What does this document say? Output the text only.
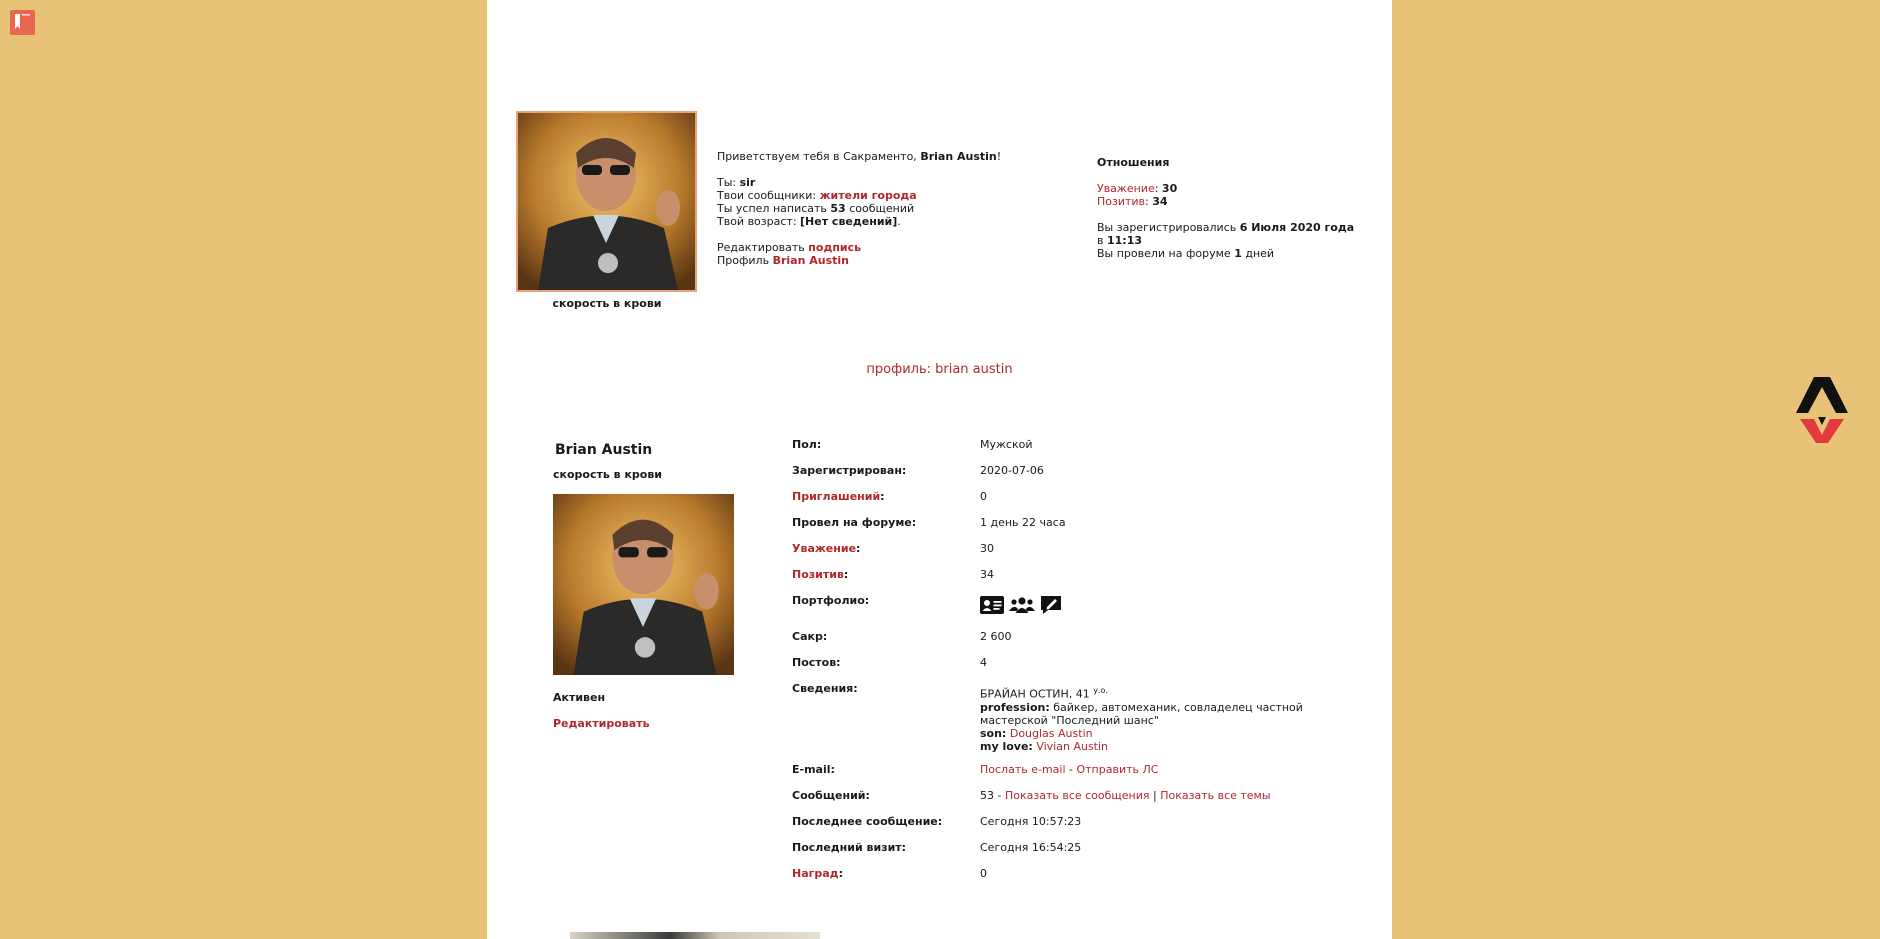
скорость в крови
Приветствуем тебя в Сакраменто, Brian Austin!
Ты: sir
Твои сообщники: жители города
Ты успел написать 53 сообщений
Твой возраст: [Нет сведений].
Редактировать подпись
Профиль Brian Austin
Отношения
Уважение: 30
Позитив: 34
Вы зарегистрировались 6 Июля 2020 года в 11:13
Вы провели на форуме 1 дней
профиль: brian austin
Brian Austin
скорость в крови
Активен
Редактировать
Пол:	Мужской
Зарегистрирован:	2020-07-06
Приглашений:	0
Провел на форуме:	1 день 22 часа
Уважение:	30
Позитив:	34
Портфолио:	

Сакр:	2 600
Постов:	4
Сведения:	БРАЙАН ОСТИН, 41 $^{у.о.}$
profession: байкер, автомеханик, совладелец частной мастерской "Последний шанс"
son: Douglas Austin
my love: Vivian Austin

E-mail:	Послать e-mail - Отправить ЛС
Сообщений:	53 - Показать все сообщения | Показать все темы
Последнее сообщение:	Сегодня 10:57:23
Последний визит:	Сегодня 16:54:25
Наград:	0
